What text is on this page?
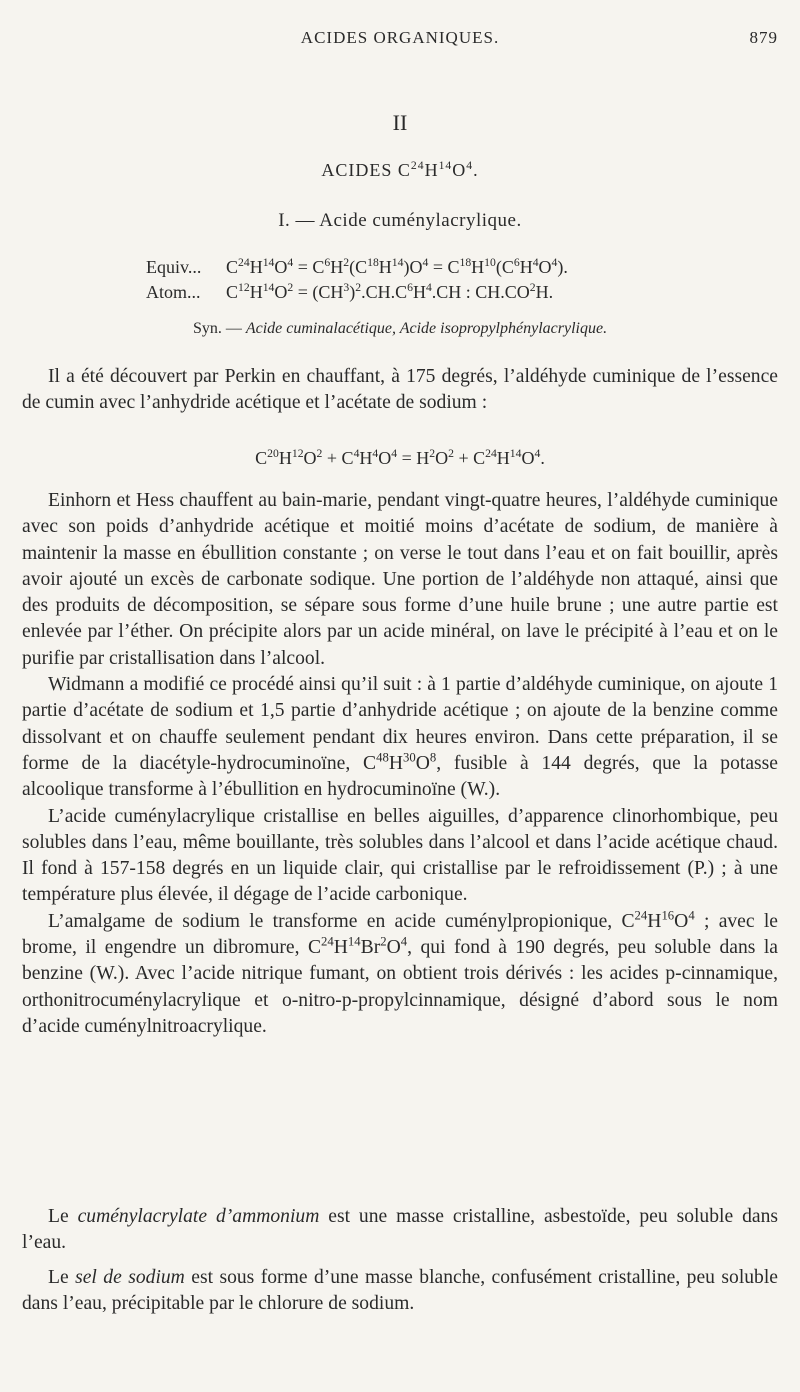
ACIDES ORGANIQUES.	879
II
ACIDES $C^{24}H^{14}O^4$.
I. — Acide cuménylacrylique.
Equiv... $C^{24}H^{14}O^4 = C^6H^2(C^{18}H^{14})O^4 = C^{18}H^{10}(C^6H^4O^4)$.
Atom... $C^{12}H^{14}O^2 = (CH^3)^2.CH.C^6H^4.CH$ : $CH.CO^2H$.
Syn. — Acide cuminalacétique, Acide isopropylphénylacrylique.

Il a été découvert par Perkin en chauffant, à 175 degrés, l’aldéhyde cuminique de l’essence de cumin avec l’anhydride acétique et l’acétate de sodium :

$C^{20}H^{12}O^2 + C^4H^4O^4 = H^2O^2 + C^{24}H^{14}O^4$.

Einhorn et Hess chauffent au bain-marie, pendant vingt-quatre heures, l’aldéhyde cuminique avec son poids d’anhydride acétique et moitié moins d’acétate de sodium, de manière à maintenir la masse en ébullition constante ; on verse le tout dans l’eau et on fait bouillir, après avoir ajouté un excès de carbonate sodique. Une portion de l’aldéhyde non attaqué, ainsi que des produits de décomposition, se sépare sous forme d’une huile brune ; une autre partie est enlevée par l’éther. On précipite alors par un acide minéral, on lave le précipité à l’eau et on le purifie par cristallisation dans l’alcool.

Widmann a modifié ce procédé ainsi qu’il suit : à 1 partie d’aldéhyde cuminique, on ajoute 1 partie d’acétate de sodium et 1,5 partie d’anhydride acétique ; on ajoute de la benzine comme dissolvant et on chauffe seulement pendant dix heures environ. Dans cette préparation, il se forme de la diacétyle-hydrocuminoïne, $C^{48}H^{30}O^8$, fusible à 144 degrés, que la potasse alcoolique transforme à l’ébullition en hydrocuminoïne (W.).

L’acide cuménylacrylique cristallise en belles aiguilles, d’apparence clinorhombique, peu solubles dans l’eau, même bouillante, très solubles dans l’alcool et dans l’acide acétique chaud. Il fond à 157-158 degrés en un liquide clair, qui cristallise par le refroidissement (P.) ; à une température plus élevée, il dégage de l’acide carbonique.

L’amalgame de sodium le transforme en acide cuménylpropionique, $C^{24}H^{16}O^4$ ; avec le brome, il engendre un dibromure, $C^{24}H^{14}Br^2O^4$, qui fond à 190 degrés, peu soluble dans la benzine (W.). Avec l’acide nitrique fumant, on obtient trois dérivés : les acides p-cinnamique, orthonitrocuménylacrylique et o-nitro-p-propylcinnamique, désigné d’abord sous le nom d’acide cuménylnitroacrylique.

Le cuménylacrylate d’ammonium est une masse cristalline, asbestoïde, peu soluble dans l’eau.

Le sel de sodium est sous forme d’une masse blanche, confusément cristalline, peu soluble dans l’eau, précipitable par le chlorure de sodium.
